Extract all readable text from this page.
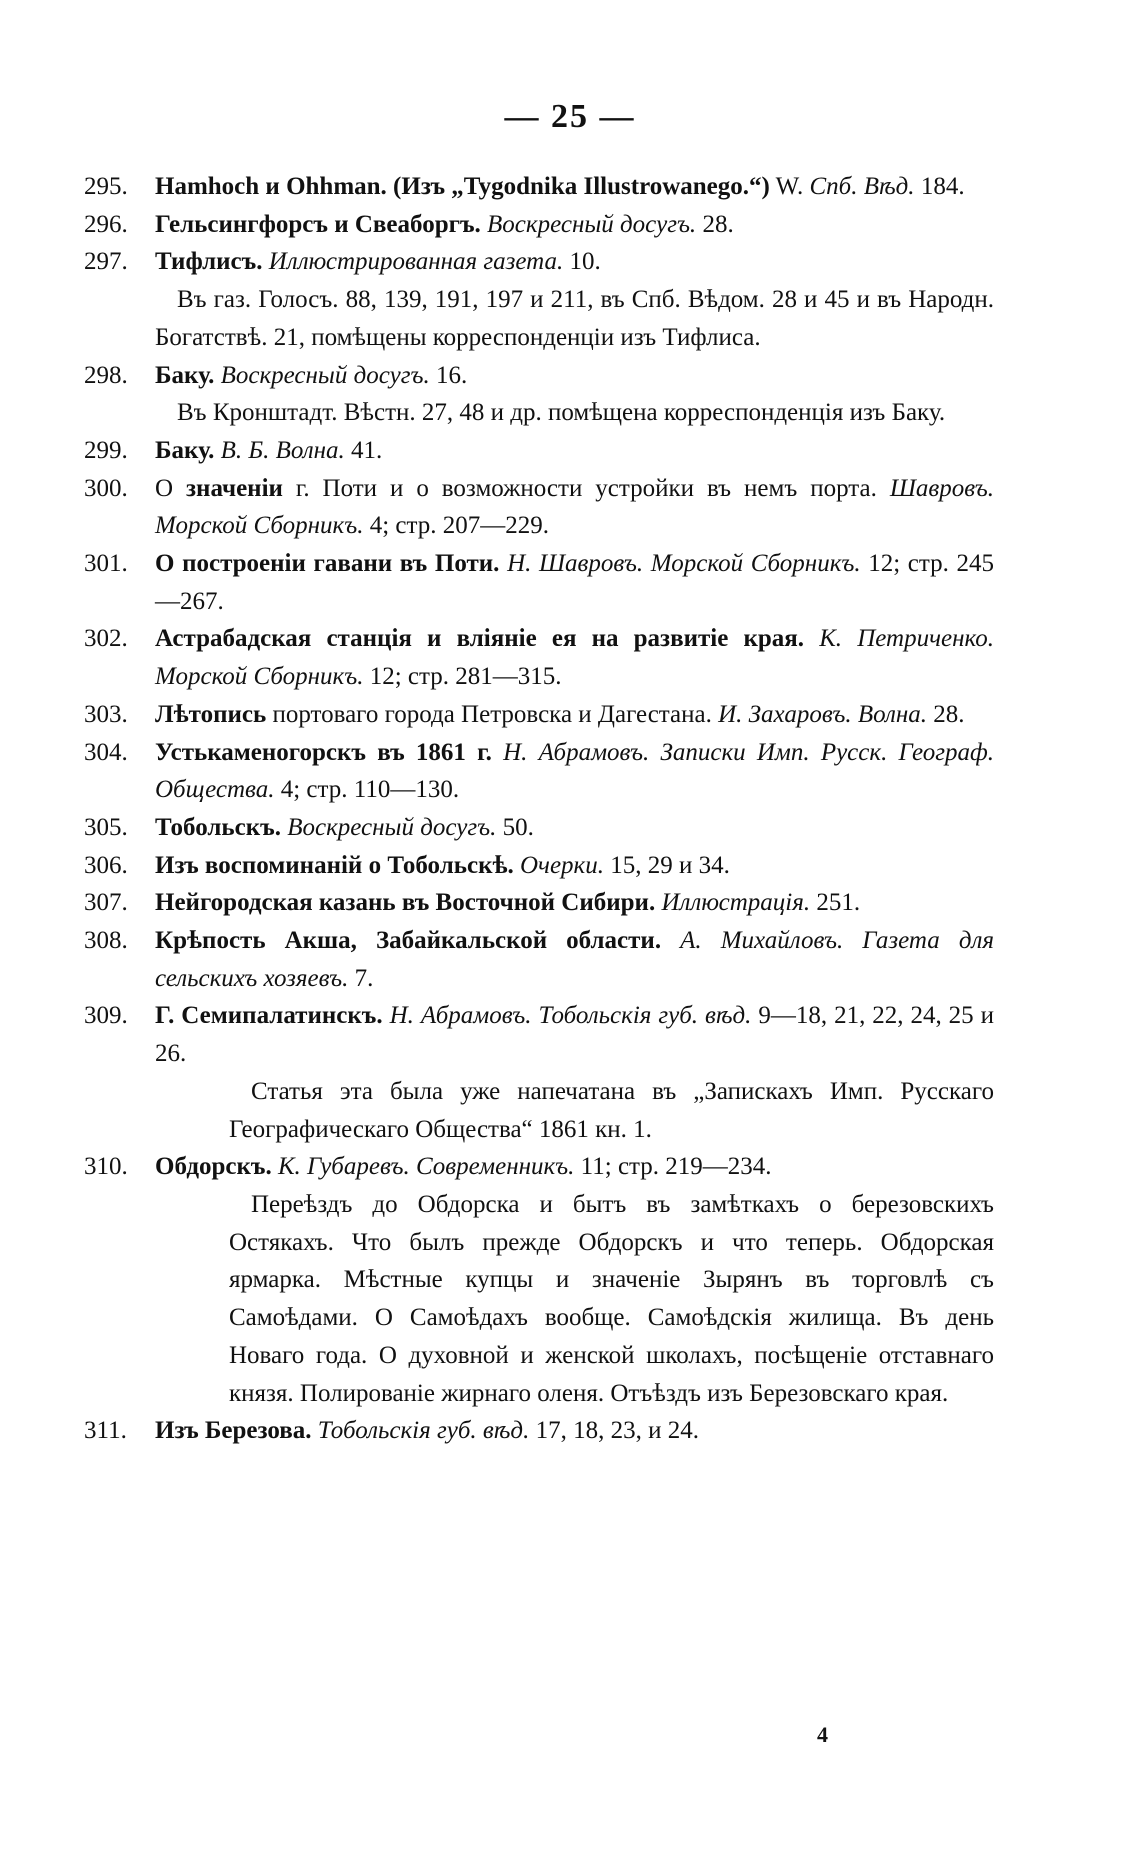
— 25 —

295. Hamhoch и Ohhman. (Изъ „Tygodnika Illustrowanego.“) W. Спб. Вѣд. 184.

296. Гельсингфорсъ и Свеаборгъ. Воскресный досугъ. 28.

297. Тифлисъ. Иллюстрированная газета. 10.

Въ газ. Голосъ. 88, 139, 191, 197 и 211, въ Спб. Вѣдом. 28 и 45 и въ Народн. Богатствѣ. 21, помѣщены корреспонденціи изъ Тифлиса.

298. Баку. Воскресный досугъ. 16.

Въ Кронштадт. Вѣстн. 27, 48 и др. помѣщена корреспонденція изъ Баку.

299. Баку. В. Б. Волна. 41.

300. О значеніи г. Поти и о возможности устройки въ немъ порта. Шавровъ. Морской Сборникъ. 4; стр. 207—229.

301. О построеніи гавани въ Поти. Н. Шавровъ. Морской Сборникъ. 12; стр. 245—267.

302. Астрабадская станція и вліяніе ея на развитіе края. К. Петриченко. Морской Сборникъ. 12; стр. 281—315.

303. Лѣтопись портоваго города Петровска и Дагестана. И. Захаровъ. Волна. 28.

304. Устькаменогорскъ въ 1861 г. Н. Абрамовъ. Записки Имп. Русск. Географ. Общества. 4; стр. 110—130.

305. Тобольскъ. Воскресный досугъ. 50.

306. Изъ воспоминаній о Тобольскѣ. Очерки. 15, 29 и 34.

307. Нейгородская казань въ Восточной Сибири. Иллюстрація. 251.

308. Крѣпость Акша, Забайкальской области. А. Михайловъ. Газета для сельскихъ хозяевъ. 7.

309. Г. Семипалатинскъ. Н. Абрамовъ. Тобольскія губ. вѣд. 9—18, 21, 22, 24, 25 и 26.

Статья эта была уже напечатана въ „Запискахъ Имп. Русскаго Географическаго Общества“ 1861 кн. 1.

310. Обдорскъ. К. Губаревъ. Современникъ. 11; стр. 219—234.

Переѣздъ до Обдорска и бытъ въ замѣткахъ о березовскихъ Остякахъ. Что былъ прежде Обдорскъ и что теперь. Обдорская ярмарка. Мѣстные купцы и значеніе Зырянъ въ торговлѣ съ Самоѣдами. О Самоѣдахъ вообще. Самоѣдскія жилища. Въ день Новаго года. О духовной и женской школахъ, посѣщеніе отставнаго князя. Полированіе жирнаго оленя. Отъѣздъ изъ Березовскаго края.

311. Изъ Березова. Тобольскія губ. вѣд. 17, 18, 23, и 24.

4
